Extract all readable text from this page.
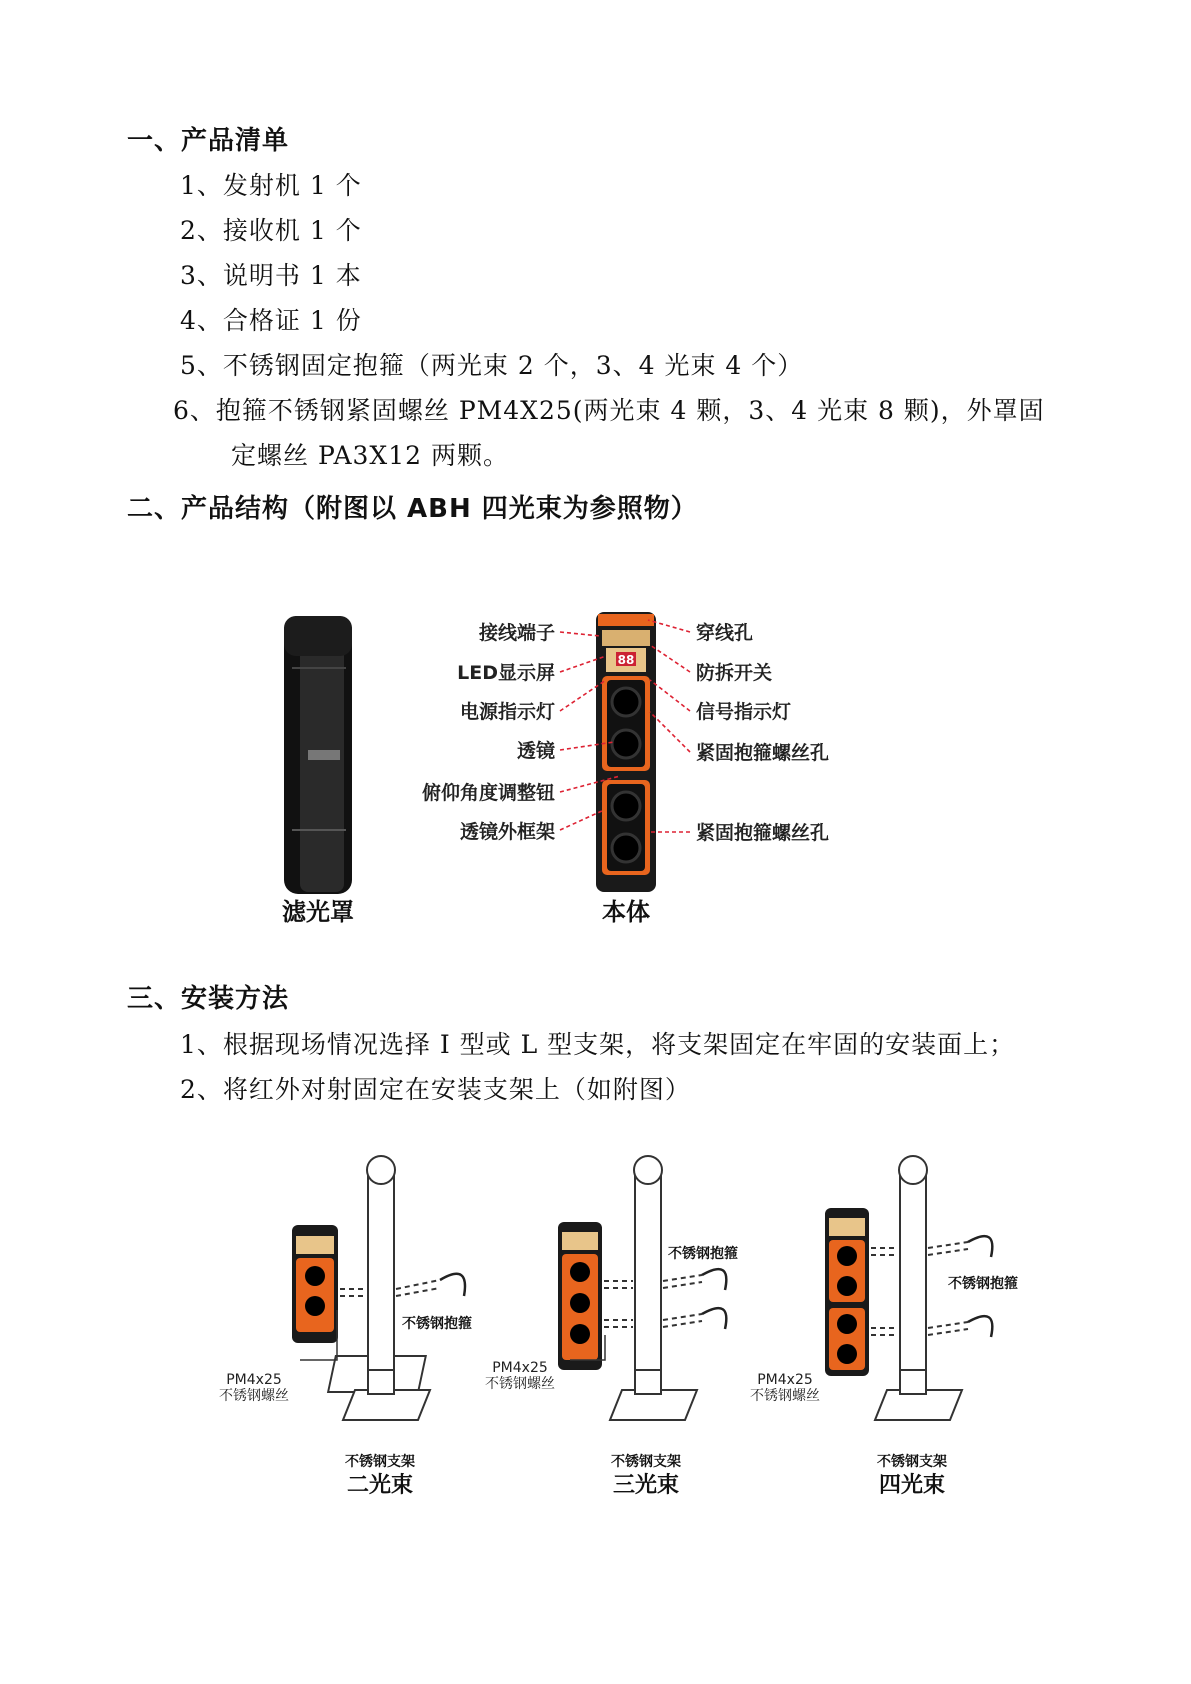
一、产品清单
1、发射机 1 个
2、接收机 1 个
3、说明书 1 本
4、合格证 1 份
5、不锈钢固定抱箍（两光束 2 个，3、4 光束 4 个）
6、抱箍不锈钢紧固螺丝 PM4X25(两光束 4 颗，3、4 光束 8 颗)，外罩固
定螺丝 PA3X12 两颗。
二、产品结构（附图以 ABH 四光束为参照物）
接线端子
LED显示屏
电源指示灯
透镜
俯仰角度调整钮
透镜外框架
穿线孔
防拆开关
信号指示灯
紧固抱箍螺丝孔
紧固抱箍螺丝孔
88
滤光罩	本体
三、安装方法
1、根据现场情况选择 I 型或 L 型支架，将支架固定在牢固的安装面上；
2、将红外对射固定在安装支架上（如附图）
不锈钢抱箍
PM4x25
不锈钢螺丝
不锈钢支架
二光束
不锈钢抱箍
PM4x25
不锈钢螺丝
不锈钢支架
三光束
不锈钢抱箍
PM4x25
不锈钢螺丝
不锈钢支架
四光束
